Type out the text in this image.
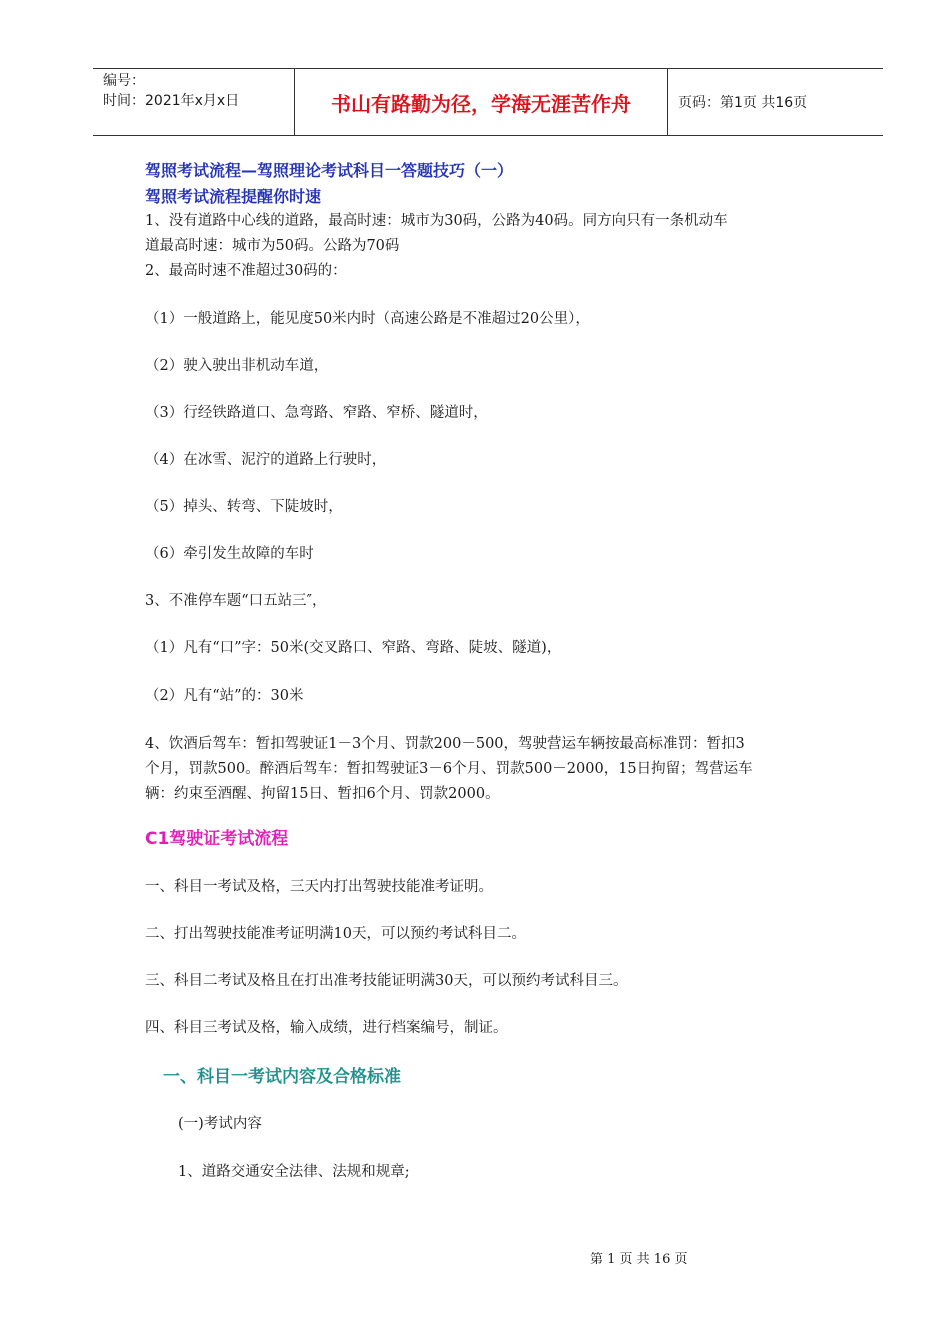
编号：
时间：2021年x月x日	书山有路勤为径，学海无涯苦作舟	页码：第1页 共16页
驾照考试流程—驾照理论考试科目一答题技巧（一）
驾照考试流程提醒你时速
1、没有道路中心线的道路，最高时速：城市为30码，公路为40码。同方向只有一条机动车
道最高时速：城市为50码。公路为70码
2、最高时速不准超过30码的：
（1）一般道路上，能见度50米内时（高速公路是不准超过20公里），
（2）驶入驶出非机动车道，
（3）行经铁路道口、急弯路、窄路、窄桥、隧道时，
（4）在冰雪、泥泞的道路上行驶时，
（5）掉头、转弯、下陡坡时，
（6）牵引发生故障的车时
3、不准停车题“口五站三″，
（1）凡有“口”字：50米(交叉路口、窄路、弯路、陡坡、隧道)，
（2）凡有“站”的：30米
4、饮酒后驾车：暂扣驾驶证1－3个月、罚款200－500，驾驶营运车辆按最高标准罚：暂扣3
个月，罚款500。醉酒后驾车：暂扣驾驶证3－6个月、罚款500－2000，15日拘留；驾营运车
辆：约束至酒醒、拘留15日、暂扣6个月、罚款2000。
C1驾驶证考试流程
一、科目一考试及格，三天内打出驾驶技能准考证明。
二、打出驾驶技能准考证明满10天，可以预约考试科目二。
三、科目二考试及格且在打出准考技能证明满30天，可以预约考试科目三。
四、科目三考试及格，输入成绩，进行档案编号，制证。
一、科目一考试内容及合格标准
(一)考试内容
1、道路交通安全法律、法规和规章;
第 1 页 共 16 页
